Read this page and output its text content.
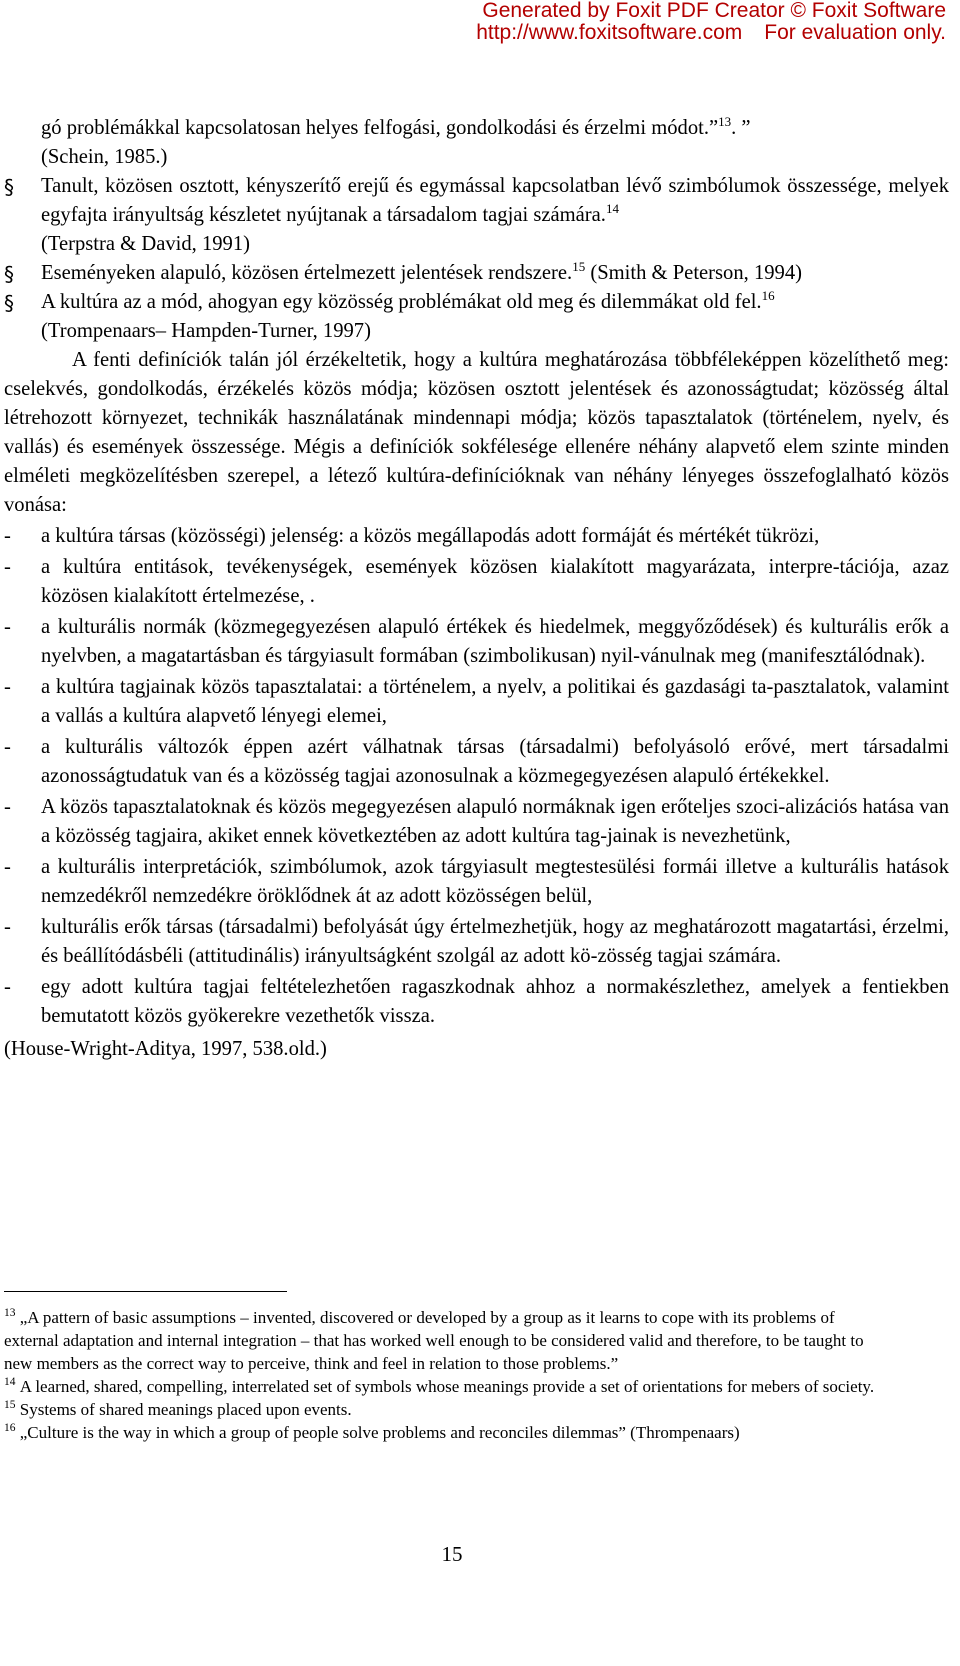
Generated by Foxit PDF Creator © Foxit Software
http://www.foxitsoftware.com For evaluation only.
gó problémákkal kapcsolatosan helyes felfogási, gondolkodási és érzelmi módot.”$^{13}$. ”
(Schein, 1985.)
§	Tanult, közösen osztott, kényszerítő erejű és egymással kapcsolatban lévő szimbólumok összessége, melyek egyfajta irányultság készletet nyújtanak a társadalom tagjai számára.$^{14}$
(Terpstra & David, 1991)
§	Eseményeken alapuló, közösen értelmezett jelentések rendszere.$^{15}$ (Smith & Peterson, 1994)
§	A kultúra az a mód, ahogyan egy közösség problémákat old meg és dilemmákat old fel.$^{16}$
(Trompenaars– Hampden-Turner, 1997)

A fenti definíciók talán jól érzékeltetik, hogy a kultúra meghatározása többféleképpen közelíthető meg: cselekvés, gondolkodás, érzékelés közös módja; közösen osztott jelentések és azonosságtudat; közösség által létrehozott környezet, technikák használatának mindennapi módja; közös tapasztalatok (történelem, nyelv, és vallás) és események összessége. Mégis a definíciók sokfélesége ellenére néhány alapvető elem szinte minden elméleti megközelítésben szerepel, a létező kultúra-definícióknak van néhány lényeges összefoglalható közös vonása:

- a kultúra társas (közösségi) jelenség: a közös megállapodás adott formáját és mértékét tükrözi,
- a kultúra entitások, tevékenységek, események közösen kialakított magyarázata, interpre-tációja, azaz közösen kialakított értelmezése, .
- a kulturális normák (közmegegyezésen alapuló értékek és hiedelmek, meggyőződések) és kulturális erők a nyelvben, a magatartásban és tárgyiasult formában (szimbolikusan) nyil-vánulnak meg (manifesztálódnak).
- a kultúra tagjainak közös tapasztalatai: a történelem, a nyelv, a politikai és gazdasági ta-pasztalatok, valamint a vallás a kultúra alapvető lényegi elemei,
- a kulturális változók éppen azért válhatnak társas (társadalmi) befolyásoló erővé, mert társadalmi azonosságtudatuk van és a közösség tagjai azonosulnak a közmegegyezésen alapuló értékekkel.
- A közös tapasztalatoknak és közös megegyezésen alapuló normáknak igen erőteljes szoci-alizációs hatása van a közösség tagjaira, akiket ennek következtében az adott kultúra tag-jainak is nevezhetünk,
- a kulturális interpretációk, szimbólumok, azok tárgyiasult megtestesülési formái illetve a kulturális hatások nemzedékről nemzedékre öröklődnek át az adott közösségen belül,
- kulturális erők társas (társadalmi) befolyását úgy értelmezhetjük, hogy az meghatározott magatartási, érzelmi, és beállítódásbéli (attitudinális) irányultságként szolgál az adott kö-zösség tagjai számára.
- egy adott kultúra tagjai feltételezhetően ragaszkodnak ahhoz a normakészlethez, amelyek a fentiekben bemutatott közös gyökerekre vezethetők vissza.
(House-Wright-Aditya, 1997, 538.old.)
$^{13}$ „A pattern of basic assumptions – invented, discovered or developed by a group as it learns to cope with its problems of external adaptation and internal integration – that has worked well enough to be considered valid and therefore, to be taught to new members as the correct way to perceive, think and feel in relation to those problems.”
$^{14}$ A learned, shared, compelling, interrelated set of symbols whose meanings provide a set of orientations for mebers of society.
$^{15}$ Systems of shared meanings placed upon events.
$^{16}$ „Culture is the way in which a group of people solve problems and reconciles dilemmas” (Thrompenaars)
15
